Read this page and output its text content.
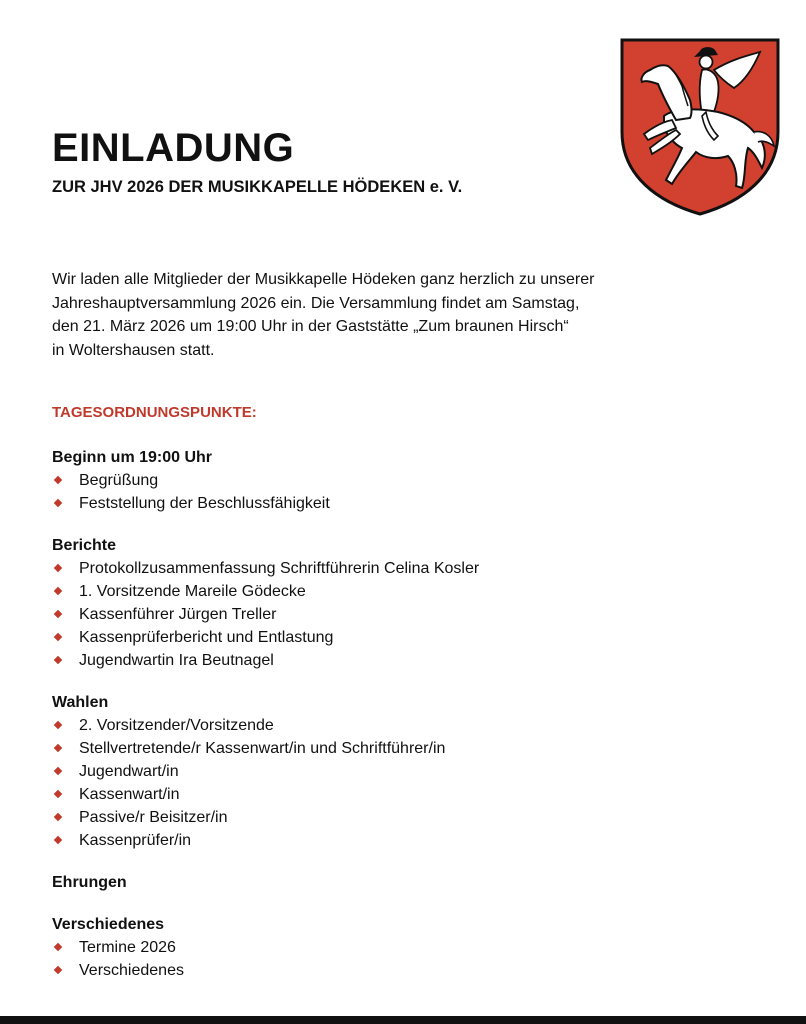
EINLADUNG
ZUR JHV 2026 DER MUSIKKAPELLE HÖDEKEN e. V.

Wir laden alle Mitglieder der Musikkapelle Hödeken ganz herzlich zu unserer
Jahreshauptversammlung 2026 ein. Die Versammlung findet am Samstag,
den 21. März 2026 um 19:00 Uhr in der Gaststätte „Zum braunen Hirsch“
in Woltershausen statt.

TAGESORDNUNGSPUNKTE:

Beginn um 19:00 Uhr

Begrüßung
Feststellung der Beschlussfähigkeit

Berichte

Protokollzusammenfassung Schriftführerin Celina Kosler
1. Vorsitzende Mareile Gödecke
Kassenführer Jürgen Treller
Kassenprüferbericht und Entlastung
Jugendwartin Ira Beutnagel

Wahlen

2. Vorsitzender/Vorsitzende
Stellvertretende/r Kassenwart/in und Schriftführer/in
Jugendwart/in
Kassenwart/in
Passive/r Beisitzer/in
Kassenprüfer/in

Ehrungen

Verschiedenes

Termine 2026
Verschiedenes
